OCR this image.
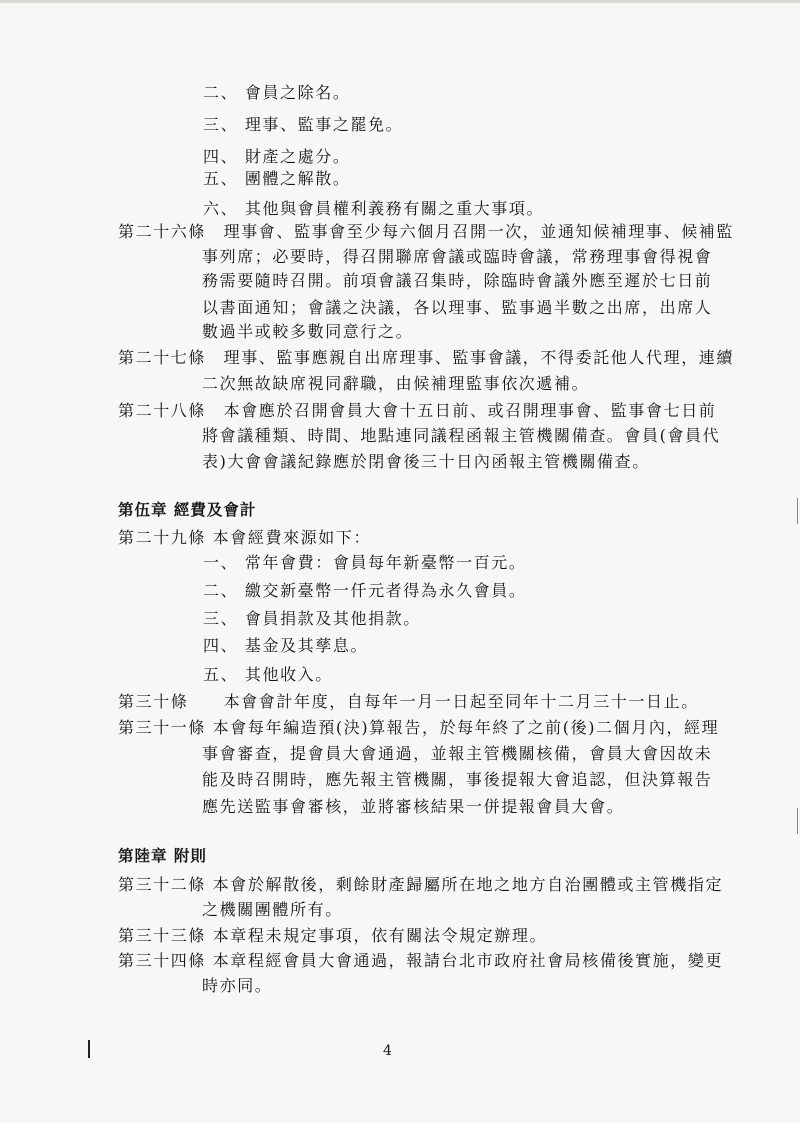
二、 會員之除名。
三、 理事、監事之罷免。
四、 財產之處分。
五、 團體之解散。
六、 其他與會員權利義務有關之重大事項。
第二十六條　理事會、監事會至少每六個月召開一次，並通知候補理事、候補監
事列席；必要時，得召開聯席會議或臨時會議，常務理事會得視會
務需要隨時召開。前項會議召集時，除臨時會議外應至遲於七日前
以書面通知；會議之決議，各以理事、監事過半數之出席，出席人
數過半或較多數同意行之。
第二十七條　理事、監事應親自出席理事、監事會議，不得委託他人代理，連續
二次無故缺席視同辭職，由候補理監事依次遞補。
第二十八條　本會應於召開會員大會十五日前、或召開理事會、監事會七日前
將會議種類、時間、地點連同議程函報主管機關備查。會員(會員代
表)大會會議紀錄應於閉會後三十日內函報主管機關備查。
第伍章 經費及會計
第二十九條 本會經費來源如下：
一、 常年會費：會員每年新臺幣一百元。
二、 繳交新臺幣一仟元者得為永久會員。
三、 會員捐款及其他捐款。
四、 基金及其孳息。
五、 其他收入。
第三十條　　本會會計年度，自每年一月一日起至同年十二月三十一日止。
第三十一條 本會每年編造預(決)算報告，於每年終了之前(後)二個月內，經理
事會審查，提會員大會通過，並報主管機關核備，會員大會因故未
能及時召開時，應先報主管機關，事後提報大會追認，但決算報告
應先送監事會審核，並將審核結果一併提報會員大會。
第陸章 附則
第三十二條 本會於解散後，剩餘財產歸屬所在地之地方自治團體或主管機指定
之機關團體所有。
第三十三條 本章程未規定事項，依有關法令規定辦理。
第三十四條 本章程經會員大會通過，報請台北市政府社會局核備後實施，變更
時亦同。
4
